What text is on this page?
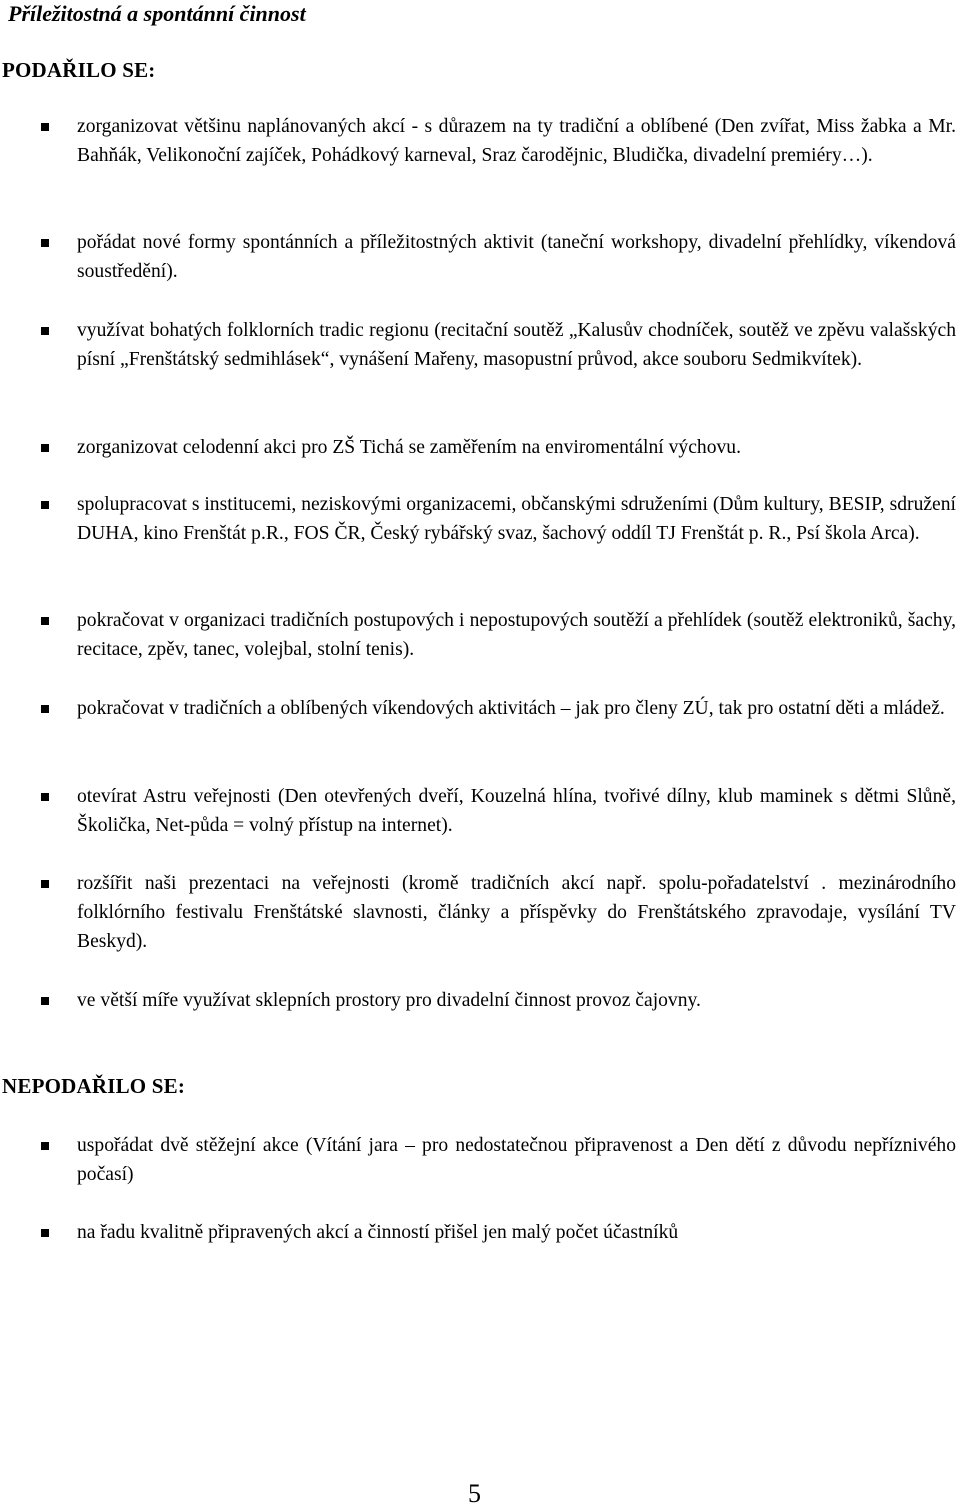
Příležitostná a spontánní činnost
PODAŘILO SE:
zorganizovat většinu naplánovaných akcí - s důrazem na ty tradiční a oblíbené (Den zvířat, Miss žabka a Mr. Bahňák, Velikonoční zajíček, Pohádkový karneval, Sraz čarodějnic, Bludička, divadelní premiéry…).
pořádat nové formy spontánních a příležitostných aktivit (taneční workshopy, divadelní přehlídky, víkendová soustředění).
využívat bohatých folklorních tradic regionu (recitační soutěž „Kalusův chodníček, soutěž ve zpěvu valašských písní „Frenštátský sedmihlásek“, vynášení Mařeny, masopustní průvod, akce souboru Sedmikvítek).
zorganizovat celodenní akci pro ZŠ Tichá se zaměřením na enviromentální výchovu.
spolupracovat s institucemi, neziskovými organizacemi, občanskými sdruženími (Dům kultury, BESIP, sdružení DUHA, kino Frenštát p.R., FOS ČR, Český rybářský svaz, šachový oddíl TJ Frenštát p. R., Psí škola Arca).
pokračovat v organizaci tradičních postupových i nepostupových soutěží a přehlídek (soutěž elektroniků, šachy, recitace, zpěv, tanec, volejbal, stolní tenis).
pokračovat v tradičních a oblíbených víkendových aktivitách – jak pro členy ZÚ, tak pro ostatní děti a mládež.
otevírat Astru veřejnosti (Den otevřených dveří, Kouzelná hlína, tvořivé dílny, klub maminek s dětmi Slůně, Školička, Net-půda = volný přístup na internet).
rozšířit naši prezentaci na veřejnosti (kromě tradičních akcí např. spolu-pořadatelství . mezinárodního folklórního festivalu Frenštátské slavnosti, články a příspěvky do Frenštátského zpravodaje, vysílání TV Beskyd).
ve větší míře využívat sklepních prostory pro divadelní činnost provoz čajovny.
NEPODAŘILO SE:
uspořádat dvě stěžejní akce (Vítání jara – pro nedostatečnou připravenost a Den dětí z důvodu nepříznivého počasí)
na řadu kvalitně připravených akcí a činností přišel jen malý počet účastníků
5
